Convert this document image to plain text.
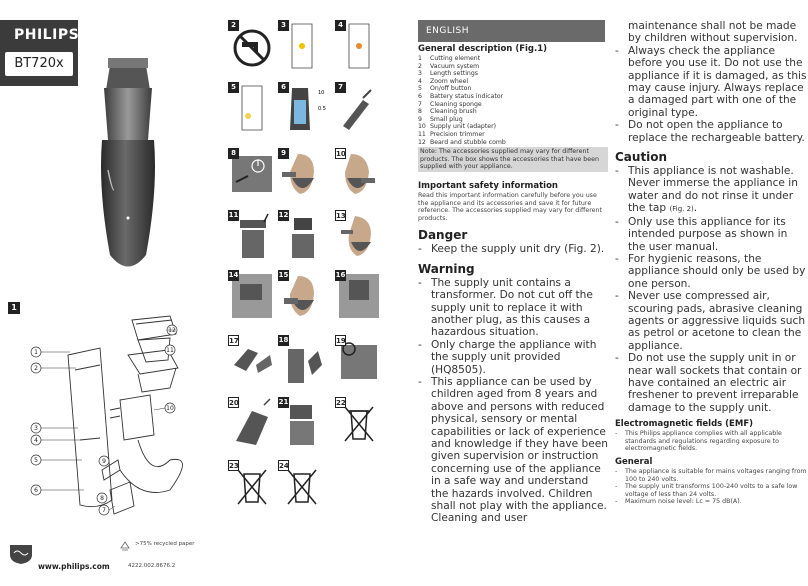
PHILIPS
BT720x
1
1
2
3
4
5
6
7
8
9
10
11
12
www.philips.com
>75% recycled paper
4222.002.8676.2
2	3	4
5	6
10
0.5
7
8	9	10
11	12	13
14	15	16
17	18	19
20	21	22
23	24
ENGLISH
General description (Fig.1)
1	Cutting element
2	Vacuum system
3	Length settings
4	Zoom wheel
5	On/off button
6	Battery status indicator
7	Cleaning sponge
8	Cleaning brush
9	Small plug
10 Supply unit (adapter)
11 Precision trimmer
12 Beard and stubble comb
Note: The accessories supplied may vary for different products. The box shows the accessories that have been supplied with your appliance.
Important safety information
Read this important information carefully before you use the appliance and its accessories and save it for future reference. The accessories supplied may vary for different products.
Danger
- Keep the supply unit dry (Fig. 2).
Warning
- The supply unit contains a transformer. Do not cut off the supply unit to replace it with another plug, as this causes a hazardous situation.
- Only charge the appliance with the supply unit provided (HQ8505).
- This appliance can be used by children aged from 8 years and above and persons with reduced physical, sensory or mental capabilities or lack of experience and knowledge if they have been given supervision or instruction concerning use of the appliance in a safe way and understand the hazards involved. Children shall not play with the appliance. Cleaning and user
maintenance shall not be made by children without supervision.
- Always check the appliance before you use it. Do not use the appliance if it is damaged, as this may cause injury. Always replace a damaged part with one of the original type.
- Do not open the appliance to replace the rechargeable battery.
Caution
- This appliance is not washable. Never immerse the appliance in water and do not rinse it under the tap (Fig. 2).
- Only use this appliance for its intended purpose as shown in the user manual.
- For hygienic reasons, the appliance should only be used by one person.
- Never use compressed air, scouring pads, abrasive cleaning agents or aggressive liquids such as petrol or acetone to clean the appliance.
- Do not use the supply unit in or near wall sockets that contain or have contained an electric air freshener to prevent irreparable damage to the supply unit.
Electromagnetic fields (EMF)
-	This Philips appliance complies with all applicable standards and regulations regarding exposure to electromagnetic fields.
General
-	The appliance is suitable for mains voltages ranging from 100 to 240 volts.
-	The supply unit transforms 100-240 volts to a safe low voltage of less than 24 volts.
-	Maximum noise level: Lc = 75 dB(A).
